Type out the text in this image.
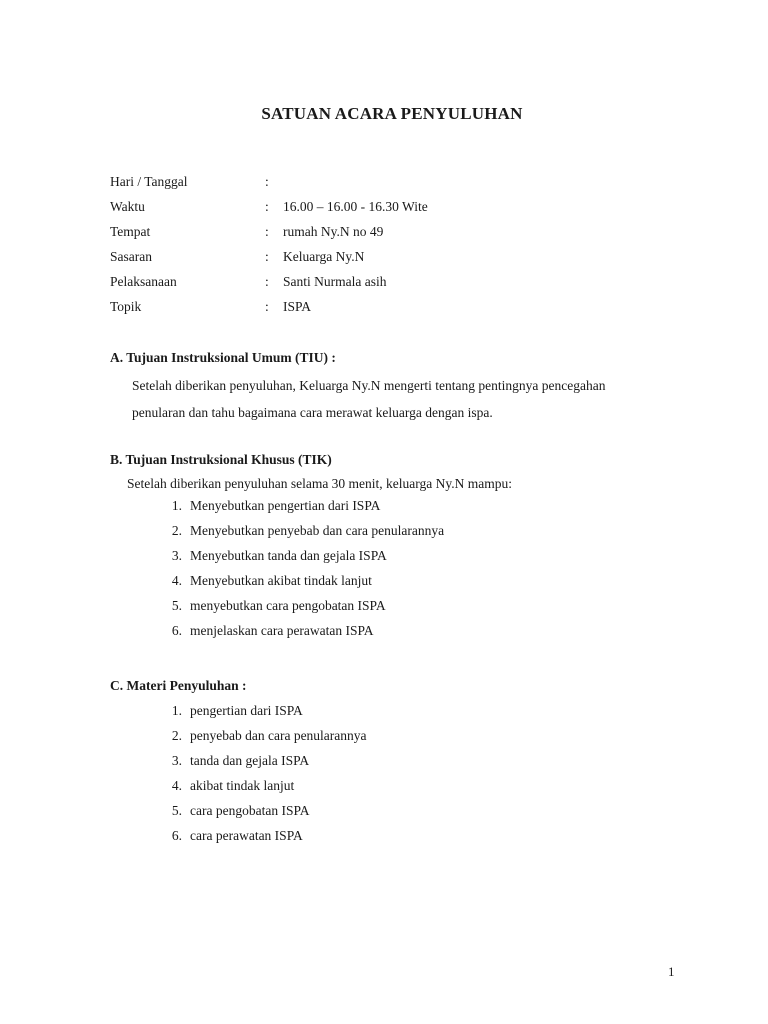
SATUAN ACARA PENYULUHAN
Hari / Tanggal	:
Waktu	:	16.00 – 16.00 - 16.30 Wite
Tempat	:	rumah Ny.N no 49
Sasaran	:	Keluarga Ny.N
Pelaksanaan	:	Santi Nurmala asih
Topik	:	ISPA

A. Tujuan Instruksional Umum (TIU) :

Setelah diberikan penyuluhan, Keluarga Ny.N mengerti tentang pentingnya pencegahan

penularan dan tahu bagaimana cara merawat keluarga dengan ispa.

B. Tujuan Instruksional Khusus (TIK)

Setelah diberikan penyuluhan selama 30 menit, keluarga Ny.N mampu:

1. Menyebutkan pengertian dari ISPA
2. Menyebutkan penyebab dan cara penularannya
3. Menyebutkan tanda dan gejala ISPA
4. Menyebutkan akibat tindak lanjut
5. menyebutkan cara pengobatan ISPA
6. menjelaskan cara perawatan ISPA

C. Materi Penyuluhan :

1. pengertian dari ISPA
2. penyebab dan cara penularannya
3. tanda dan gejala ISPA
4. akibat tindak lanjut
5. cara pengobatan ISPA
6. cara perawatan ISPA
1
